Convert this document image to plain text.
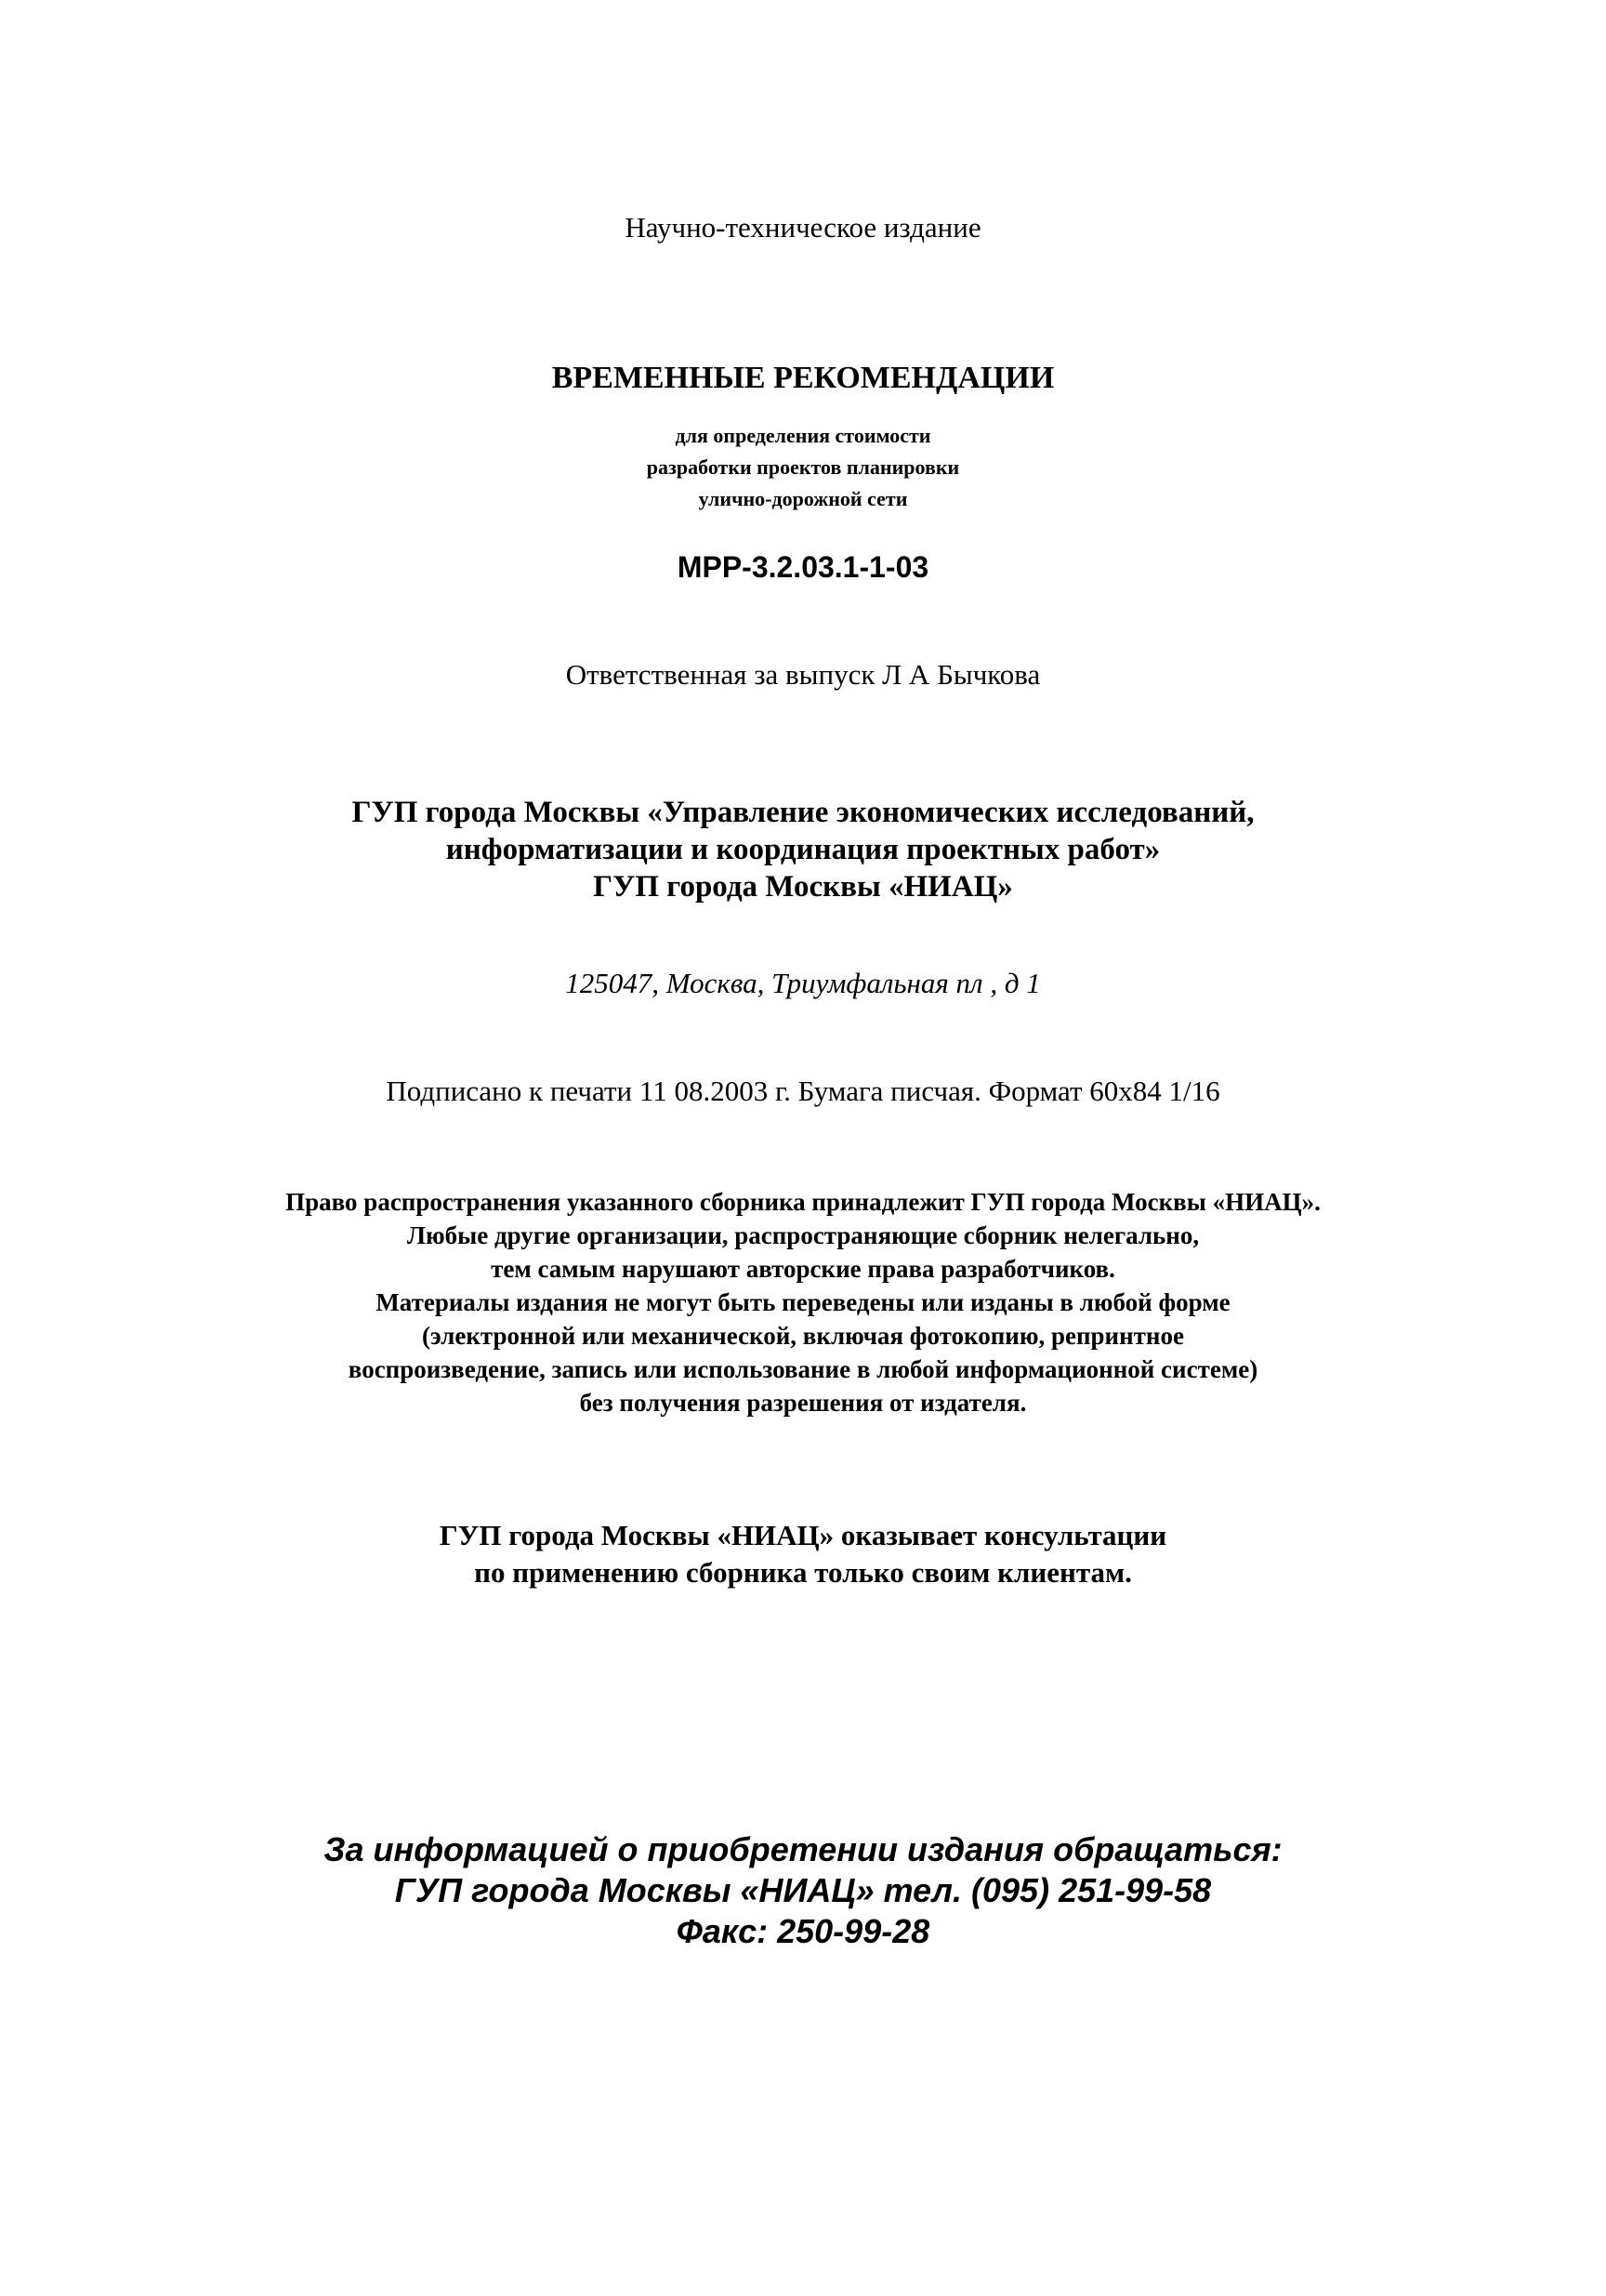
Научно-техническое издание
ВРЕМЕННЫЕ РЕКОМЕНДАЦИИ
для определения стоимости
разработки проектов планировки
улично-дорожной сети
МРР-3.2.03.1-1-03
Ответственная за выпуск Л А Бычкова
ГУП города Москвы «Управление экономических исследований,
информатизации и координация проектных работ»
ГУП города Москвы «НИАЦ»
125047, Москва, Триумфальная пл , д 1
Подписано к печати 11 08.2003 г. Бумага писчая. Формат 60x84 1/16
Право распространения указанного сборника принадлежит ГУП города Москвы «НИАЦ».
Любые другие организации, распространяющие сборник нелегально,
тем самым нарушают авторские права разработчиков.
Материалы издания не могут быть переведены или изданы в любой форме
(электронной или механической, включая фотокопию, репринтное
воспроизведение, запись или использование в любой информационной системе)
без получения разрешения от издателя.
ГУП города Москвы «НИАЦ» оказывает консультации
по применению сборника только своим клиентам.
За информацией о приобретении издания обращаться:
ГУП города Москвы «НИАЦ» тел. (095) 251-99-58
Факс: 250-99-28
